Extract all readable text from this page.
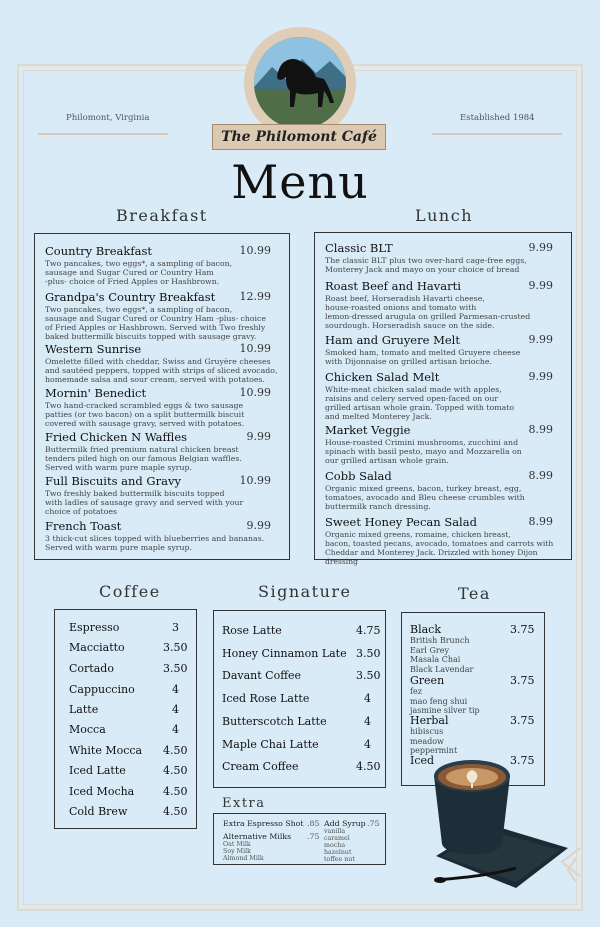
Philomont, Virginia	Established 1984
The Philomont Café
Menu
Breakfast	Lunch
Coffee	Signature	Tea
Country Breakfast	10.99
Two pancakes, two eggs*, a sampling of bacon,
sausage and Sugar Cured or Country Ham
-plus- choice of Fried Apples or Hashbrown.
Grandpa's Country Breakfast	12.99
Two pancakes, two eggs*, a sampling of bacon,
sausage and Sugar Cured or Country Ham -plus- choice
of Fried Apples or Hashbrown. Served with Two freshly
baked buttermilk biscuits topped with sausage gravy.
Western Sunrise	10.99
Omelette filled with cheddar, Swiss and Gruyère cheeses
and sautéed peppers, topped with strips of sliced avocado,
homemade salsa and sour cream, served with potatoes.
Mornin' Benedict	10.99
Two hand-cracked scrambled eggs & two sausage
patties (or two bacon) on a split buttermilk biscuit
covered with sausage gravy, served with potatoes.
Fried Chicken N Waffles	9.99
Buttermilk fried premium natural chicken breast
tenders piled high on our famous Belgian waffles.
Served with warm pure maple syrup.
Full Biscuits and Gravy	10.99
Two freshly baked buttermilk biscuits topped
with ladles of sausage gravy and served with your
choice of potatoes
French Toast	9.99
3 thick-cut slices topped with blueberries and bananas.
Served with warm pure maple syrup.
Classic BLT	9.99
The classic BLT plus two over-hard cage-free eggs,
Monterey Jack and mayo on your choice of bread
Roast Beef and Havarti	9.99
Roast beef, Horseradish Havarti cheese,
house-roasted onions and tomato with
lemon-dressed arugula on grilled Parmesan-crusted
sourdough. Horseradish sauce on the side.
Ham and Gruyere Melt	9.99
Smoked ham, tomato and melted Gruyere cheese
with Dijonnaise on grilled artisan brioche.
Chicken Salad Melt	9.99
White-meat chicken salad made with apples,
raisins and celery served open-faced on our
grilled artisan whole grain. Topped with tomato
and melted Monterey Jack.
Market Veggie	8.99
House-roasted Crimini mushrooms, zucchini and
spinach with basil pesto, mayo and Mozzarella on
our grilled artisan whole grain.
Cobb Salad	8.99
Organic mixed greens, bacon, turkey breast, egg,
tomatoes, avocado and Bleu cheese crumbles with
buttermilk ranch dressing.
Sweet Honey Pecan Salad	8.99
Organic mixed greens, romaine, chicken breast,
bacon, toasted pecans, avocado, tomatoes and carrots with
Cheddar and Monterey Jack. Drizzled with honey Dijon dressing
Espresso	3
Macciatto	3.50
Cortado	3.50
Cappuccino	4
Latte	4
Mocca	4
White Mocca 4.50
Iced Latte	4.50
Iced Mocha	4.50
Cold Brew	4.50
Rose Latte	4.75
Honey Cinnamon Late 3.50
Davant Coffee	3.50
Iced Rose Latte	4
Butterscotch Latte	4
Maple Chai Latte	4
Cream Coffee	4.50
Extra
Extra Espresso Shot .85
Alternative Milks .75
Oat Milk
Soy Milk
Almond Milk
Add Syrup .75
vanilla
caramel
mocha
hazelnut
toffee nut
Black	3.75
British Brunch
Earl Grey
Masala Chai
Black Lavendar
Green	3.75
fez
mao feng shui
jasmine silver tip
Herbal	3.75
hibiscus
meadow
peppermint
Iced	3.75
